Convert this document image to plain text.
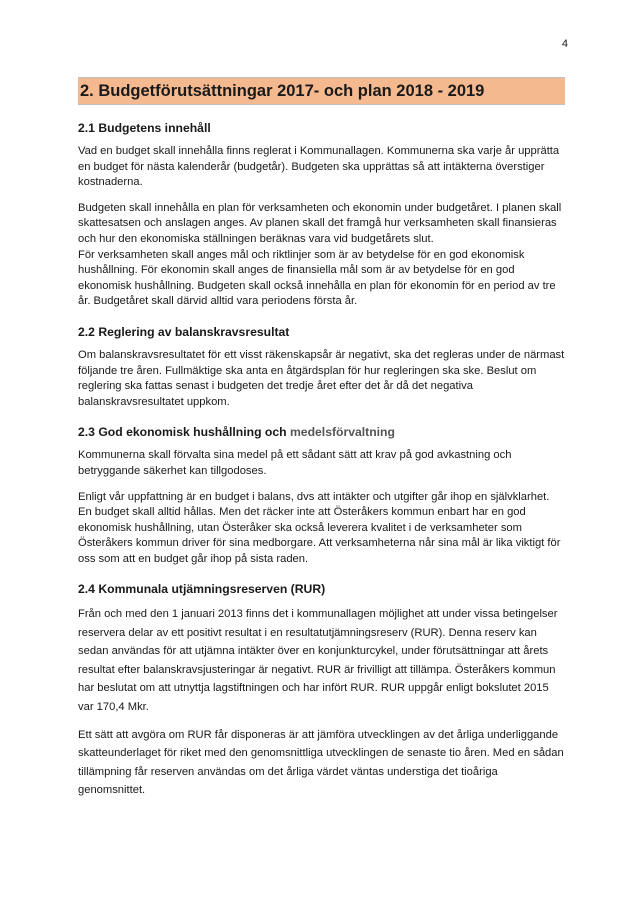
4
2. Budgetförutsättningar 2017- och plan 2018 - 2019
2.1 Budgetens innehåll

Vad en budget skall innehålla finns reglerat i Kommunallagen. Kommunerna ska varje år upprätta en budget för nästa kalenderår (budgetår). Budgeten ska upprättas så att intäkterna överstiger kostnaderna.

Budgeten skall innehålla en plan för verksamheten och ekonomin under budgetåret. I planen skall skattesatsen och anslagen anges. Av planen skall det framgå hur verksamheten skall finansieras och hur den ekonomiska ställningen beräknas vara vid budgetårets slut.

För verksamheten skall anges mål och riktlinjer som är av betydelse för en god ekonomisk hushållning. För ekonomin skall anges de finansiella mål som är av betydelse för en god ekonomisk hushållning. Budgeten skall också innehålla en plan för ekonomin för en period av tre år. Budgetåret skall därvid alltid vara periodens första år.

2.2 Reglering av balanskravsresultat

Om balanskravsresultatet för ett visst räkenskapsår är negativt, ska det regleras under de närmast följande tre åren. Fullmäktige ska anta en åtgärdsplan för hur regleringen ska ske. Beslut om reglering ska fattas senast i budgeten det tredje året efter det år då det negativa balanskravsresultatet uppkom.

2.3 God ekonomisk hushållning och medelsförvaltning

Kommunerna skall förvalta sina medel på ett sådant sätt att krav på god avkastning och betryggande säkerhet kan tillgodoses.

Enligt vår uppfattning är en budget i balans, dvs att intäkter och utgifter går ihop en självklarhet. En budget skall alltid hållas. Men det räcker inte att Österåkers kommun enbart har en god ekonomisk hushållning, utan Österåker ska också leverera kvalitet i de verksamheter som Österåkers kommun driver för sina medborgare. Att verksamheterna når sina mål är lika viktigt för oss som att en budget går ihop på sista raden.

2.4 Kommunala utjämningsreserven (RUR)

Från och med den 1 januari 2013 finns det i kommunallagen möjlighet att under vissa betingelser reservera delar av ett positivt resultat i en resultatutjämningsreserv (RUR). Denna reserv kan sedan användas för att utjämna intäkter över en konjunkturcykel, under förutsättningar att årets resultat efter balanskravsjusteringar är negativt. RUR är frivilligt att tillämpa. Österåkers kommun har beslutat om att utnyttja lagstiftningen och har infört RUR. RUR uppgår enligt bokslutet 2015 var 170,4 Mkr.

Ett sätt att avgöra om RUR får disponeras är att jämföra utvecklingen av det årliga underliggande skatteunderlaget för riket med den genomsnittliga utvecklingen de senaste tio åren. Med en sådan tillämpning får reserven användas om det årliga värdet väntas understiga det tioåriga genomsnittet.
